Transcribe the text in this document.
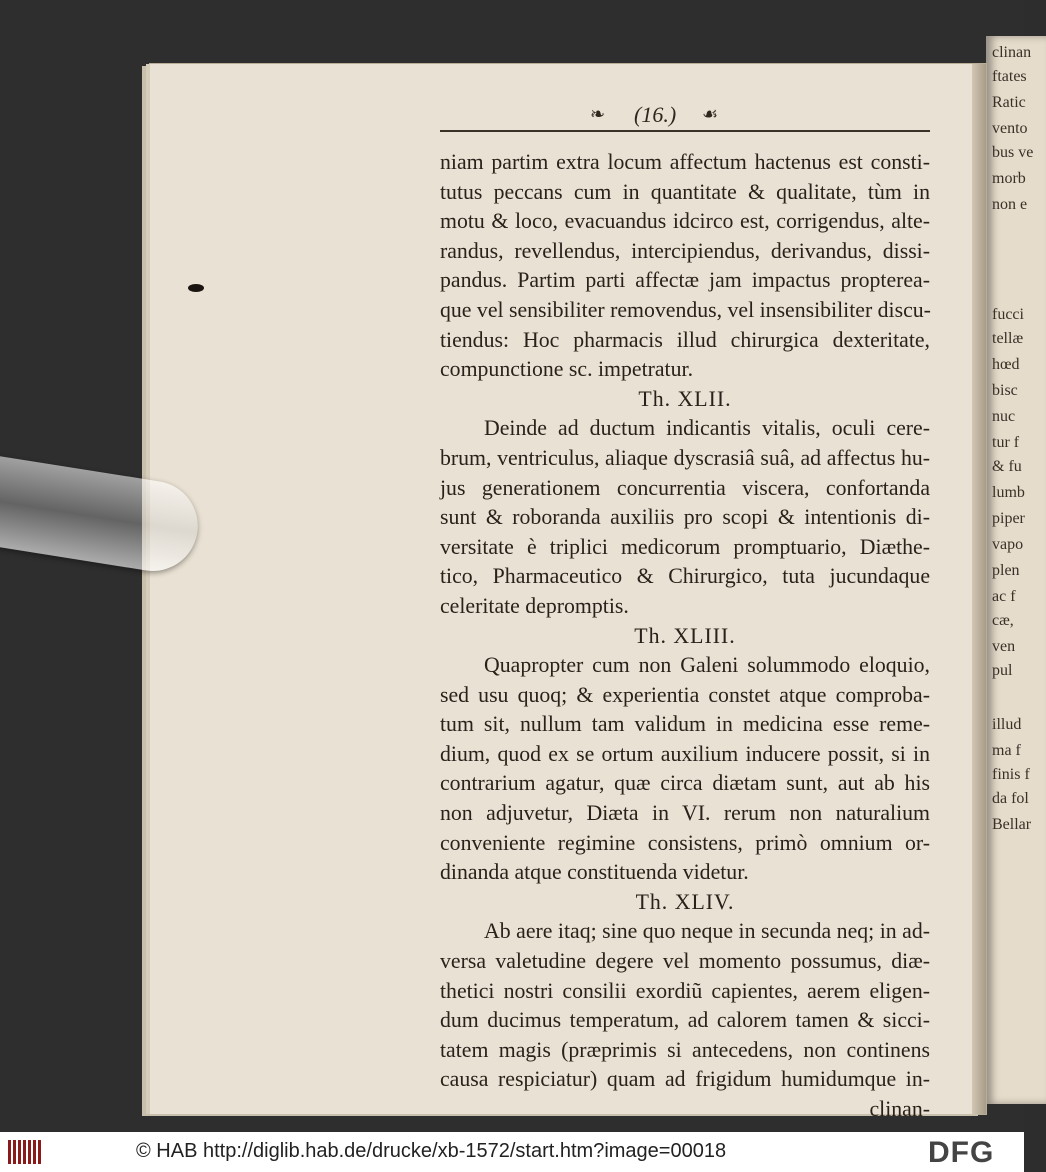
clinan
ftates
Ratic
vento
bus ve
morb
non e
fucci
tellæ
hœd
bisc
nuc
tur f
& fu
lumb
piper
vapo
plen
ac f
cæ,
ven
pul
illud
ma f
finis f
da fol
Bellar
❧ (16.)	☙
niam partim extra locum affectum hactenus est consti-
tutus peccans cum in quantitate & qualitate, tùm in
motu & loco, evacuandus idcirco est, corrigendus, alte-
randus, revellendus, intercipiendus, derivandus, dissi-
pandus. Partim parti affectæ jam impactus propterea-
que vel sensibiliter removendus, vel insensibiliter discu-
tiendus: Hoc pharmacis illud chirurgica dexteritate,
compunctione sc. impetratur.
Th. XLII.
Deinde ad ductum indicantis vitalis, oculi cere-
brum, ventriculus, aliaque dyscrasiâ suâ, ad affectus hu-
jus generationem concurrentia viscera, confortanda
sunt & roboranda auxiliis pro scopi & intentionis di-
versitate è triplici medicorum promptuario, Diæthe-
tico, Pharmaceutico & Chirurgico, tuta jucundaque
celeritate depromptis.
Th. XLIII.
Quapropter cum non Galeni solummodo eloquio,
sed usu quoq; & experientia constet atque comproba-
tum sit, nullum tam validum in medicina esse reme-
dium, quod ex se ortum auxilium inducere possit, si in
contrarium agatur, quæ circa diætam sunt, aut ab his
non adjuvetur, Diæta in VI. rerum non naturalium
conveniente regimine consistens, primò omnium or-
dinanda atque constituenda videtur.
Th. XLIV.
Ab aere itaq; sine quo neque in secunda neq; in ad-
versa valetudine degere vel momento possumus, diæ-
thetici nostri consilii exordiũ capientes, aerem eligen-
dum ducimus temperatum, ad calorem tamen & sicci-
tatem magis (præprimis si antecedens, non continens
causa respiciatur) quam ad frigidum humidumque in-
clinan-
© HAB http://diglib.hab.de/drucke/xb-1572/start.htm?image=00018	DFG
